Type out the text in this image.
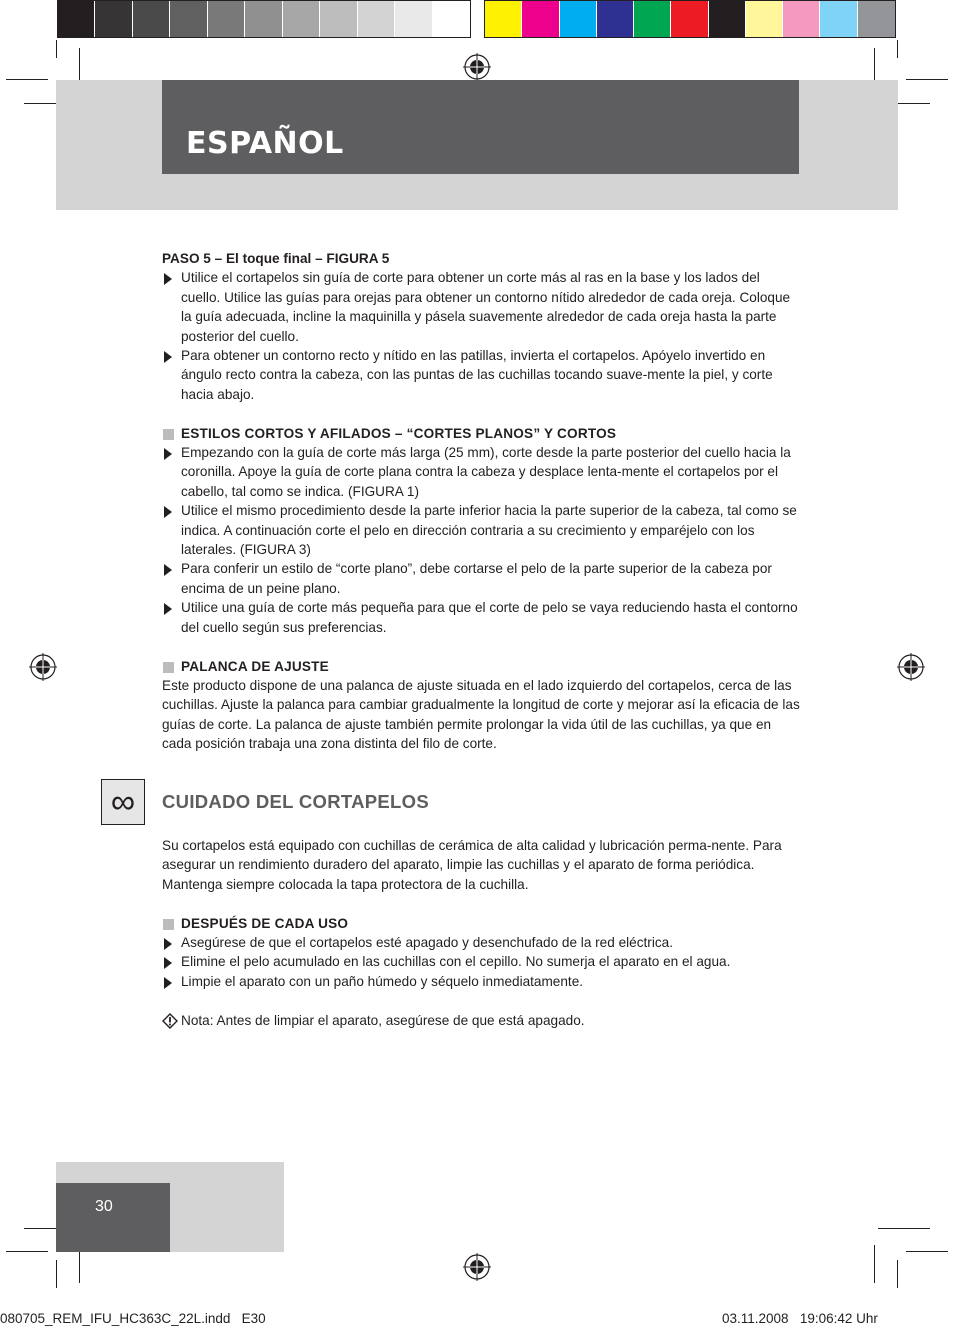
ESPAÑOL

PASO 5 – El toque final – FIGURA 5

Utilice el cortapelos sin guía de corte para obtener un corte más al ras en la base y los lados del cuello. Utilice las guías para orejas para obtener un contorno nítido alrededor de cada oreja. Coloque la guía adecuada, incline la maquinilla y pásela suavemente alrededor de cada oreja hasta la parte posterior del cuello.
Para obtener un contorno recto y nítido en las patillas, invierta el cortapelos. Apóyelo invertido en ángulo recto contra la cabeza, con las puntas de las cuchillas tocando suave-mente la piel, y corte hacia abajo.

ESTILOS CORTOS Y AFILADOS – “CORTES PLANOS” Y CORTOS

Empezando con la guía de corte más larga (25 mm), corte desde la parte posterior del cuello hacia la coronilla. Apoye la guía de corte plana contra la cabeza y desplace lenta-mente el cortapelos por el cabello, tal como se indica. (FIGURA 1)
Utilice el mismo procedimiento desde la parte inferior hacia la parte superior de la cabeza, tal como se indica. A continuación corte el pelo en dirección contraria a su crecimiento y emparéjelo con los laterales. (FIGURA 3)
Para conferir un estilo de “corte plano”, debe cortarse el pelo de la parte superior de la cabeza por encima de un peine plano.
Utilice una guía de corte más pequeña para que el corte de pelo se vaya reduciendo hasta el contorno del cuello según sus preferencias.

PALANCA DE AJUSTE

Este producto dispone de una palanca de ajuste situada en el lado izquierdo del cortapelos, cerca de las cuchillas. Ajuste la palanca para cambiar gradualmente la longitud de corte y mejorar así la eficacia de las guías de corte. La palanca de ajuste también permite prolongar la vida útil de las cuchillas, ya que en cada posición trabaja una zona distinta del filo de corte.

∞	CUIDADO DEL CORTAPELOS

Su cortapelos está equipado con cuchillas de cerámica de alta calidad y lubricación perma-nente. Para asegurar un rendimiento duradero del aparato, limpie las cuchillas y el aparato de forma periódica. Mantenga siempre colocada la tapa protectora de la cuchilla.

DESPUÉS DE CADA USO

Asegúrese de que el cortapelos esté apagado y desenchufado de la red eléctrica.
Elimine el pelo acumulado en las cuchillas con el cepillo. No sumerja el aparato en el agua.
Limpie el aparato con un paño húmedo y séquelo inmediatamente.

Nota: Antes de limpiar el aparato, asegúrese de que está apagado.

30
080705_REM_IFU_HC363C_22L.indd   E30	03.11.2008   19:06:42 Uhr
